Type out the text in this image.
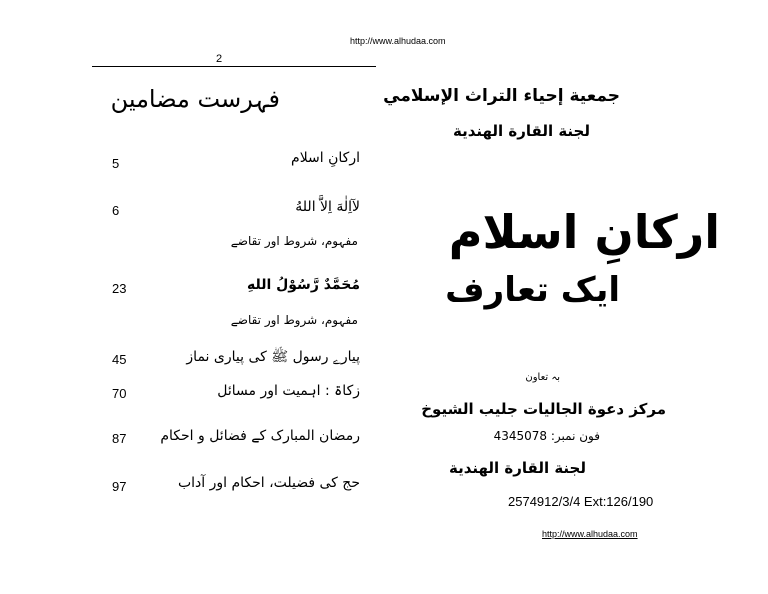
http://www.alhudaa.com
2
فہرست مضامین
ارکانِ اسلام
5
لآاِلٰهَ اِلاَّ اللهُ
6
مفہوم، شروط اور تقاضے
مُحَمَّدٌ رَّسُوْلُ اللهِ
23
مفہوم، شروط اور تقاضے
پیارے رسول ﷺ کی پیاری نماز
45
زکاۃ : اہمیت اور مسائل
70
رمضان المبارک کے فضائل و احکام
87
حج کی فضیلت، احکام اور آداب
97
جمعية إحياء التراث الإسلامي
لجنة القارة الهندية
ارکانِ اسلام
ایک تعارف
بہ تعاون
مركز دعوة الجاليات جليب الشيوخ
فون نمبر: 4345078
لجنة القارة الهندية
2574912/3/4 Ext:126/190
http://www.alhudaa.com
